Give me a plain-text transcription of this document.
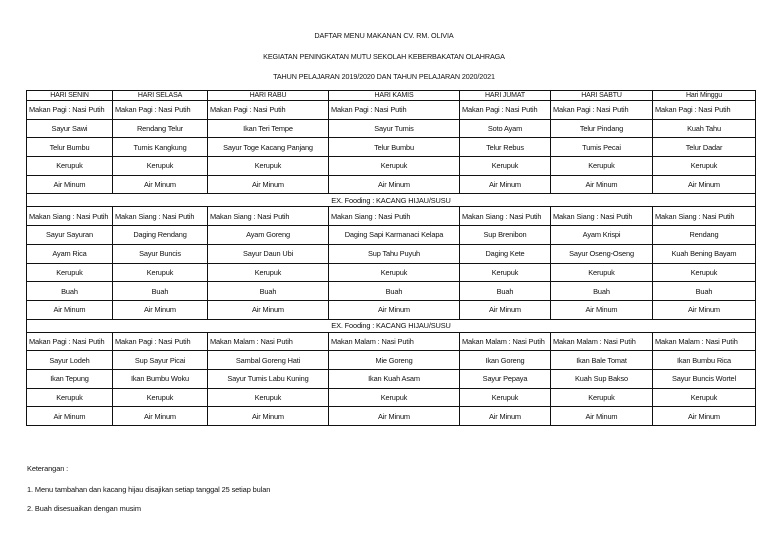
DAFTAR MENU MAKANAN CV. RM. OLIVIA
KEGIATAN PENINGKATAN MUTU SEKOLAH KEBERBAKATAN OLAHRAGA
TAHUN PELAJARAN 2019/2020 DAN TAHUN PELAJARAN 2020/2021
HARI SENIN	HARI SELASA	HARI RABU	HARI KAMIS	HARI JUMAT	HARI SABTU	Hari Minggu
Makan Pagi : Nasi Putih	Makan Pagi : Nasi Putih	Makan Pagi : Nasi Putih	Makan Pagi : Nasi Putih	Makan Pagi : Nasi Putih	Makan Pagi : Nasi Putih	Makan Pagi : Nasi Putih
Sayur Sawi	Rendang Telur	Ikan Teri Tempe	Sayur Tumis	Soto Ayam	Telur Pindang	Kuah Tahu
Telur Bumbu	Tumis Kangkung	Sayur Toge Kacang Panjang	Telur Bumbu	Telur Rebus	Tumis Pecai	Telur Dadar
Kerupuk	Kerupuk	Kerupuk	Kerupuk	Kerupuk	Kerupuk	Kerupuk
Air Minum	Air Minum	Air Minum	Air Minum	Air Minum	Air Minum	Air Minum
EX. Fooding : KACANG HIJAU/SUSU						
Makan Siang : Nasi Putih	Makan Siang : Nasi Putih	Makan Siang : Nasi Putih	Makan Siang : Nasi Putih	Makan Siang : Nasi Putih	Makan Siang : Nasi Putih	Makan Siang : Nasi Putih
Sayur Sayuran	Daging Rendang	Ayam Goreng	Daging Sapi Karmanaci Kelapa	Sup Brenibon	Ayam Krispi	Rendang
Ayam Rica	Sayur Buncis	Sayur Daun Ubi	Sup Tahu Puyuh	Daging Kete	Sayur Oseng-Oseng	Kuah Bening Bayam
Kerupuk	Kerupuk	Kerupuk	Kerupuk	Kerupuk	Kerupuk	Kerupuk
Buah	Buah	Buah	Buah	Buah	Buah	Buah
Air Minum	Air Minum	Air Minum	Air Minum	Air Minum	Air Minum	Air Minum
EX. Fooding : KACANG HIJAU/SUSU						
Makan Pagi : Nasi Putih	Makan Pagi : Nasi Putih	Makan Malam : Nasi Putih	Makan Malam : Nasi Putih	Makan Malam : Nasi Putih	Makan Malam : Nasi Putih	Makan Malam : Nasi Putih
Sayur Lodeh	Sup Sayur Picai	Sambal Goreng Hati	Mie Goreng	Ikan Goreng	Ikan Bale Tomat	Ikan Bumbu Rica
Ikan Tepung	Ikan Bumbu Woku	Sayur Tumis Labu Kuning	Ikan Kuah Asam	Sayur Pepaya	Kuah Sup Bakso	Sayur Buncis Wortel
Kerupuk	Kerupuk	Kerupuk	Kerupuk	Kerupuk	Kerupuk	Kerupuk
Air Minum	Air Minum	Air Minum	Air Minum	Air Minum	Air Minum	Air Minum
Keterangan :
1. Menu tambahan dan kacang hijau disajikan setiap tanggal 25 setiap bulan
2. Buah disesuaikan dengan musim
